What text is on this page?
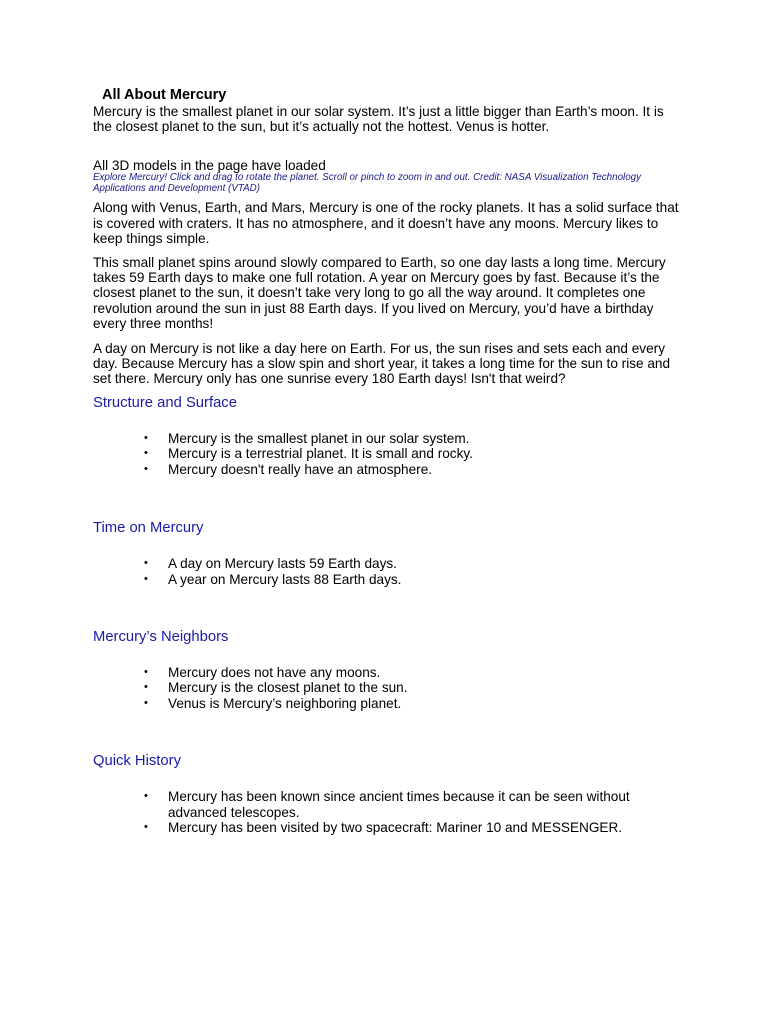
All About Mercury

Mercury is the smallest planet in our solar system. It’s just a little bigger than Earth’s moon. It is the closest planet to the sun, but it’s actually not the hottest. Venus is hotter.

All 3D models in the page have loaded

Explore Mercury! Click and drag to rotate the planet. Scroll or pinch to zoom in and out. Credit: NASA Visualization Technology Applications and Development (VTAD)

Along with Venus, Earth, and Mars, Mercury is one of the rocky planets. It has a solid surface that is covered with craters. It has no atmosphere, and it doesn’t have any moons. Mercury likes to keep things simple.

This small planet spins around slowly compared to Earth, so one day lasts a long time. Mercury takes 59 Earth days to make one full rotation. A year on Mercury goes by fast. Because it’s the closest planet to the sun, it doesn’t take very long to go all the way around. It completes one revolution around the sun in just 88 Earth days. If you lived on Mercury, you’d have a birthday every three months!

A day on Mercury is not like a day here on Earth. For us, the sun rises and sets each and every day. Because Mercury has a slow spin and short year, it takes a long time for the sun to rise and set there. Mercury only has one sunrise every 180 Earth days! Isn't that weird?

Structure and Surface
• Mercury is the smallest planet in our solar system.
• Mercury is a terrestrial planet. It is small and rocky.
• Mercury doesn't really have an atmosphere.
Time on Mercury
• A day on Mercury lasts 59 Earth days.
• A year on Mercury lasts 88 Earth days.
Mercury’s Neighbors
• Mercury does not have any moons.
• Mercury is the closest planet to the sun.
• Venus is Mercury’s neighboring planet.
Quick History
• Mercury has been known since ancient times because it can be seen without advanced telescopes.
• Mercury has been visited by two spacecraft: Mariner 10 and MESSENGER.
